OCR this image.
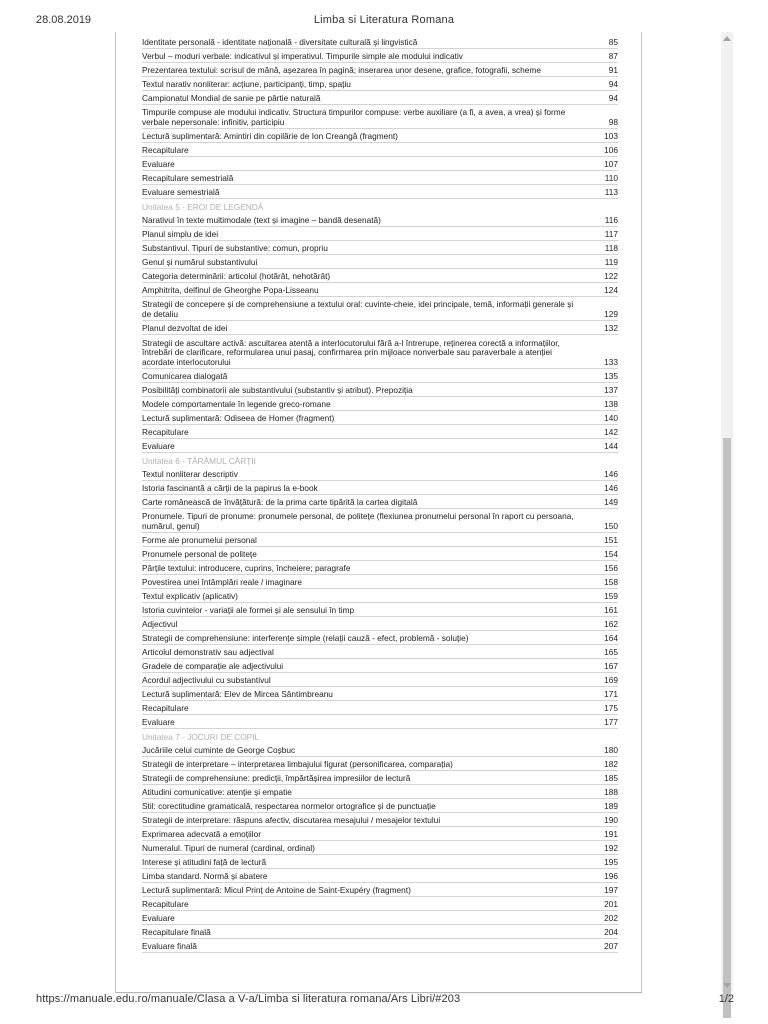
28.08.2019	Limba si Literatura Romana
Identitate personală - identitate națională - diversitate culturală și lingvistică	85
Verbul – moduri verbale: indicativul și imperativul. Timpurile simple ale modului indicativ	87
Prezentarea textului: scrisul de mână, așezarea în pagină; inserarea unor desene, grafice, fotografii, scheme	91
Textul narativ nonliterar: acțiune, participanți, timp, spațiu	94
Campionatul Mondial de sanie pe pârtie naturală	94
Timpurile compuse ale modului indicativ. Structura timpurilor compuse: verbe auxiliare (a fi, a avea, a vrea) și forme verbale nepersonale: infinitiv, participiu	98
Lectură suplimentară: Amintiri din copilărie de Ion Creangă (fragment)	103
Recapitulare	106
Evaluare	107
Recapitulare semestrială	110
Evaluare semestrială	113
Unitatea 5 - EROI DE LEGENDĂ
Narativul în texte multimodale (text și imagine – bandă desenată)	116
Planul simplu de idei	117
Substantivul. Tipuri de substantive: comun, propriu	118
Genul și numărul substantivului	119
Categoria determinării: articolul (hotărât, nehotărât)	122
Amphitrita, delfinul de Gheorghe Popa-Lisseanu	124
Strategii de concepere și de comprehensiune a textului oral: cuvinte-cheie, idei principale, temă, informații generale și de detaliu	129
Planul dezvoltat de idei	132
Strategii de ascultare activă: ascultarea atentă a interlocutorului fără a-l întrerupe, reținerea corectă a informațiilor, întrebări de clarificare, reformularea unui pasaj, confirmarea prin mijloace nonverbale sau paraverbale a atenției acordate interlocutorului	133
Comunicarea dialogată	135
Posibilități combinatorii ale substantivului (substantiv și atribut). Prepoziția	137
Modele comportamentale în legende greco-romane	138
Lectură suplimentară: Odiseea de Homer (fragment)	140
Recapitulare	142
Evaluare	144
Unitatea 6 - TĂRÂMUL CĂRȚII
Textul nonliterar descriptiv	146
Istoria fascinantă a cărții de la papirus la e-book	146
Carte românească de învățătură: de la prima carte tipărită la cartea digitală	149
Pronumele. Tipuri de pronume: pronumele personal, de politețe (flexiunea pronumelui personal în raport cu persoana, numărul, genul)	150
Forme ale pronumelui personal	151
Pronumele personal de politețe	154
Părțile textului: introducere, cuprins, încheiere; paragrafe	156
Povestirea unei întâmplări reale / imaginare	158
Textul explicativ (aplicativ)	159
Istoria cuvintelor - variații ale formei și ale sensului în timp	161
Adjectivul	162
Strategii de comprehensiune: interferențe simple (relații cauză - efect, problemă - soluție)	164
Articolul demonstrativ sau adjectival	165
Gradele de comparație ale adjectivului	167
Acordul adjectivului cu substantivul	169
Lectură suplimentară: Elev de Mircea Sântimbreanu	171
Recapitulare	175
Evaluare	177
Unitatea 7 - JOCURI DE COPIL
Jucăriile celui cuminte de George Coșbuc	180
Strategii de interpretare – interpretarea limbajului figurat (personificarea, comparația)	182
Strategii de comprehensiune: predicții, împărtășirea impresiilor de lectură	185
Atitudini comunicative: atenție și empatie	188
Stil: corectitudine gramaticală, respectarea normelor ortografice și de punctuație	189
Strategii de interpretare: răspuns afectiv, discutarea mesajului / mesajelor textului	190
Exprimarea adecvată a emoțiilor	191
Numeralul. Tipuri de numeral (cardinal, ordinal)	192
Interese și atitudini față de lectură	195
Limba standard. Normă și abatere	196
Lectură suplimentară: Micul Prinț de Antoine de Saint-Exupéry (fragment)	197
Recapitulare	201
Evaluare	202
Recapitulare finală	204
Evaluare finală	207
https://manuale.edu.ro/manuale/Clasa a V-a/Limba si literatura romana/Ars Libri/#203	1/2
